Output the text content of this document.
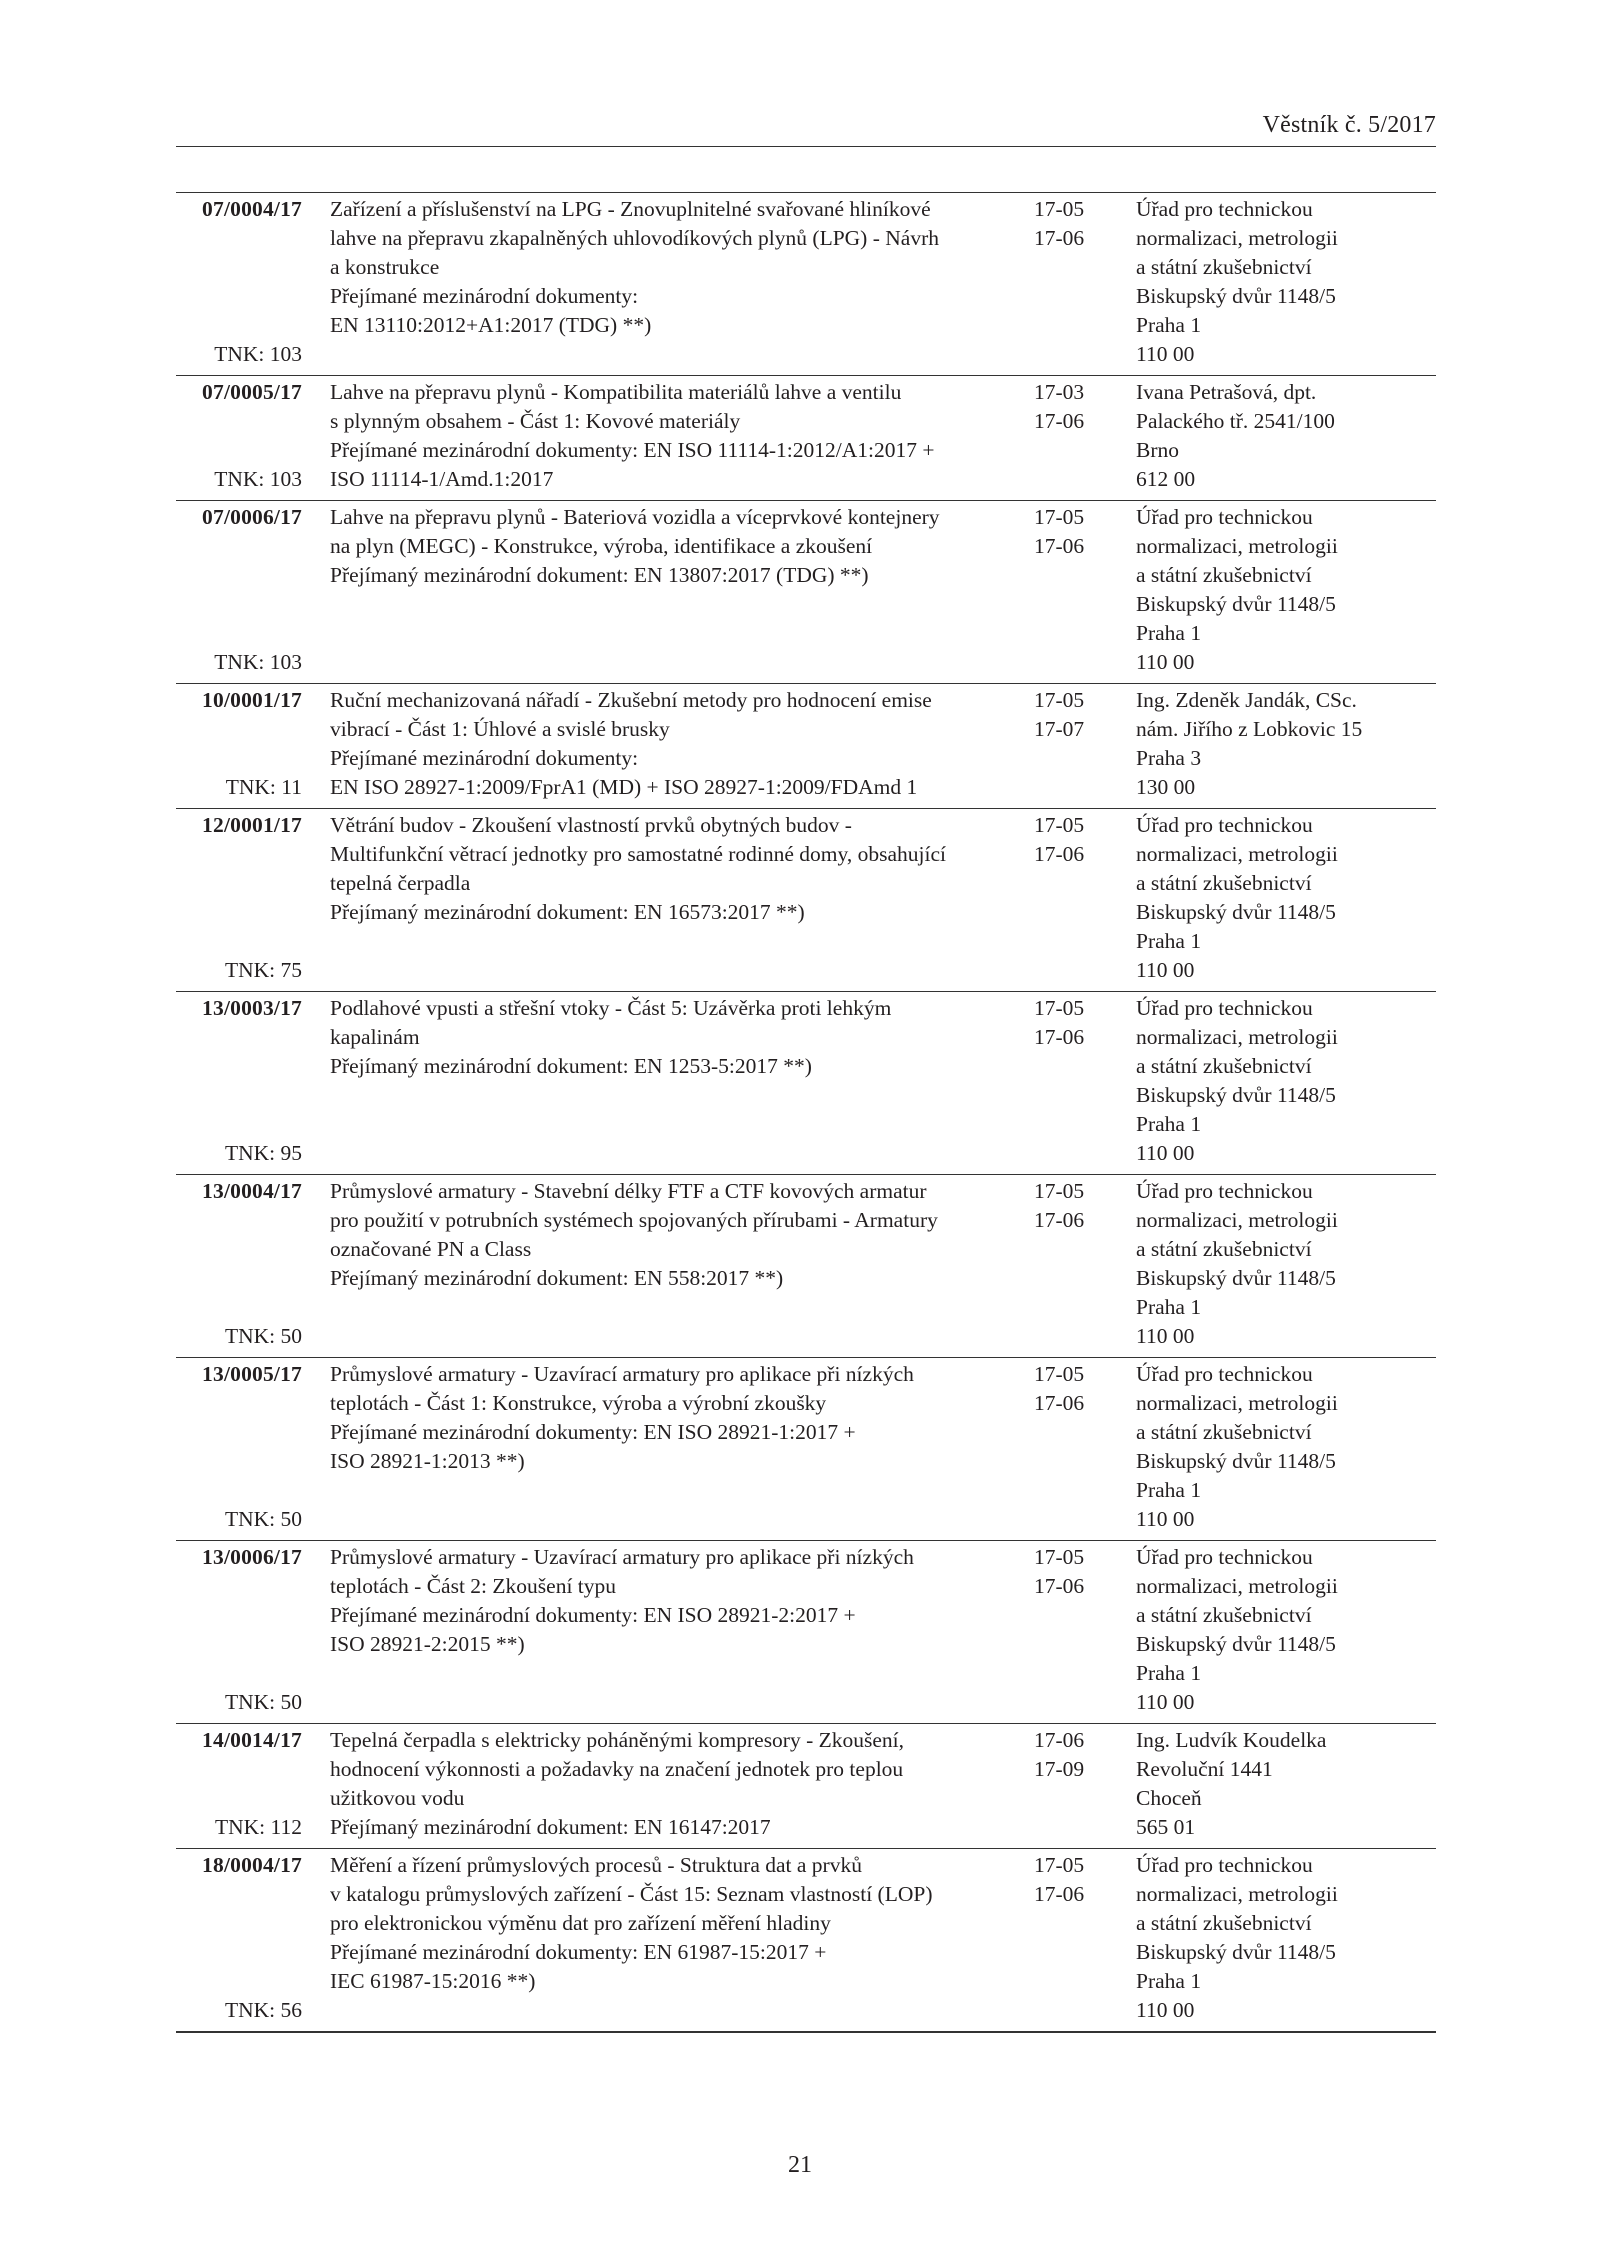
Věstník č. 5/2017
07/0004/17
TNK: 103
Zařízení a příslušenství na LPG - Znovuplnitelné svařované hliníkové
lahve na přepravu zkapalněných uhlovodíkových plynů (LPG) - Návrh
a konstrukce
Přejímané mezinárodní dokumenty:
EN 13110:2012+A1:2017 (TDG) **)
17-05
17-06
Úřad pro technickou
normalizaci, metrologii
a státní zkušebnictví
Biskupský dvůr 1148/5
Praha 1
110 00
07/0005/17
TNK: 103
Lahve na přepravu plynů - Kompatibilita materiálů lahve a ventilu
s plynným obsahem - Část 1: Kovové materiály
Přejímané mezinárodní dokumenty: EN ISO 11114-1:2012/A1:2017 +
ISO 11114-1/Amd.1:2017
17-03
17-06
Ivana Petrašová, dpt.
Palackého tř. 2541/100
Brno
612 00
07/0006/17
TNK: 103
Lahve na přepravu plynů - Bateriová vozidla a víceprvkové kontejnery
na plyn (MEGC) - Konstrukce, výroba, identifikace a zkoušení
Přejímaný mezinárodní dokument: EN 13807:2017 (TDG) **)
17-05
17-06
Úřad pro technickou
normalizaci, metrologii
a státní zkušebnictví
Biskupský dvůr 1148/5
Praha 1
110 00
10/0001/17
TNK: 11
Ruční mechanizovaná nářadí - Zkušební metody pro hodnocení emise
vibrací - Část 1: Úhlové a svislé brusky
Přejímané mezinárodní dokumenty:
EN ISO 28927-1:2009/FprA1 (MD) + ISO 28927-1:2009/FDAmd 1
17-05
17-07
Ing. Zdeněk Jandák, CSc.
nám. Jiřího z Lobkovic 15
Praha 3
130 00
12/0001/17
TNK: 75
Větrání budov - Zkoušení vlastností prvků obytných budov -
Multifunkční větrací jednotky pro samostatné rodinné domy, obsahující
tepelná čerpadla
Přejímaný mezinárodní dokument: EN 16573:2017 **)
17-05
17-06
Úřad pro technickou
normalizaci, metrologii
a státní zkušebnictví
Biskupský dvůr 1148/5
Praha 1
110 00
13/0003/17
TNK: 95
Podlahové vpusti a střešní vtoky - Část 5: Uzávěrka proti lehkým
kapalinám
Přejímaný mezinárodní dokument: EN 1253-5:2017 **)
17-05
17-06
Úřad pro technickou
normalizaci, metrologii
a státní zkušebnictví
Biskupský dvůr 1148/5
Praha 1
110 00
13/0004/17
TNK: 50
Průmyslové armatury - Stavební délky FTF a CTF kovových armatur
pro použití v potrubních systémech spojovaných přírubami - Armatury
označované PN a Class
Přejímaný mezinárodní dokument: EN 558:2017 **)
17-05
17-06
Úřad pro technickou
normalizaci, metrologii
a státní zkušebnictví
Biskupský dvůr 1148/5
Praha 1
110 00
13/0005/17
TNK: 50
Průmyslové armatury - Uzavírací armatury pro aplikace při nízkých
teplotách - Část 1: Konstrukce, výroba a výrobní zkoušky
Přejímané mezinárodní dokumenty: EN ISO 28921-1:2017 +
ISO 28921-1:2013 **)
17-05
17-06
Úřad pro technickou
normalizaci, metrologii
a státní zkušebnictví
Biskupský dvůr 1148/5
Praha 1
110 00
13/0006/17
TNK: 50
Průmyslové armatury - Uzavírací armatury pro aplikace při nízkých
teplotách - Část 2: Zkoušení typu
Přejímané mezinárodní dokumenty: EN ISO 28921-2:2017 +
ISO 28921-2:2015 **)
17-05
17-06
Úřad pro technickou
normalizaci, metrologii
a státní zkušebnictví
Biskupský dvůr 1148/5
Praha 1
110 00
14/0014/17
TNK: 112
Tepelná čerpadla s elektricky poháněnými kompresory - Zkoušení,
hodnocení výkonnosti a požadavky na značení jednotek pro teplou
užitkovou vodu
Přejímaný mezinárodní dokument: EN 16147:2017
17-06
17-09
Ing. Ludvík Koudelka
Revoluční 1441
Choceň
565 01
18/0004/17
TNK: 56
Měření a řízení průmyslových procesů - Struktura dat a prvků
v katalogu průmyslových zařízení - Část 15: Seznam vlastností (LOP)
pro elektronickou výměnu dat pro zařízení měření hladiny
Přejímané mezinárodní dokumenty: EN 61987-15:2017 +
IEC 61987-15:2016 **)
17-05
17-06
Úřad pro technickou
normalizaci, metrologii
a státní zkušebnictví
Biskupský dvůr 1148/5
Praha 1
110 00
21
